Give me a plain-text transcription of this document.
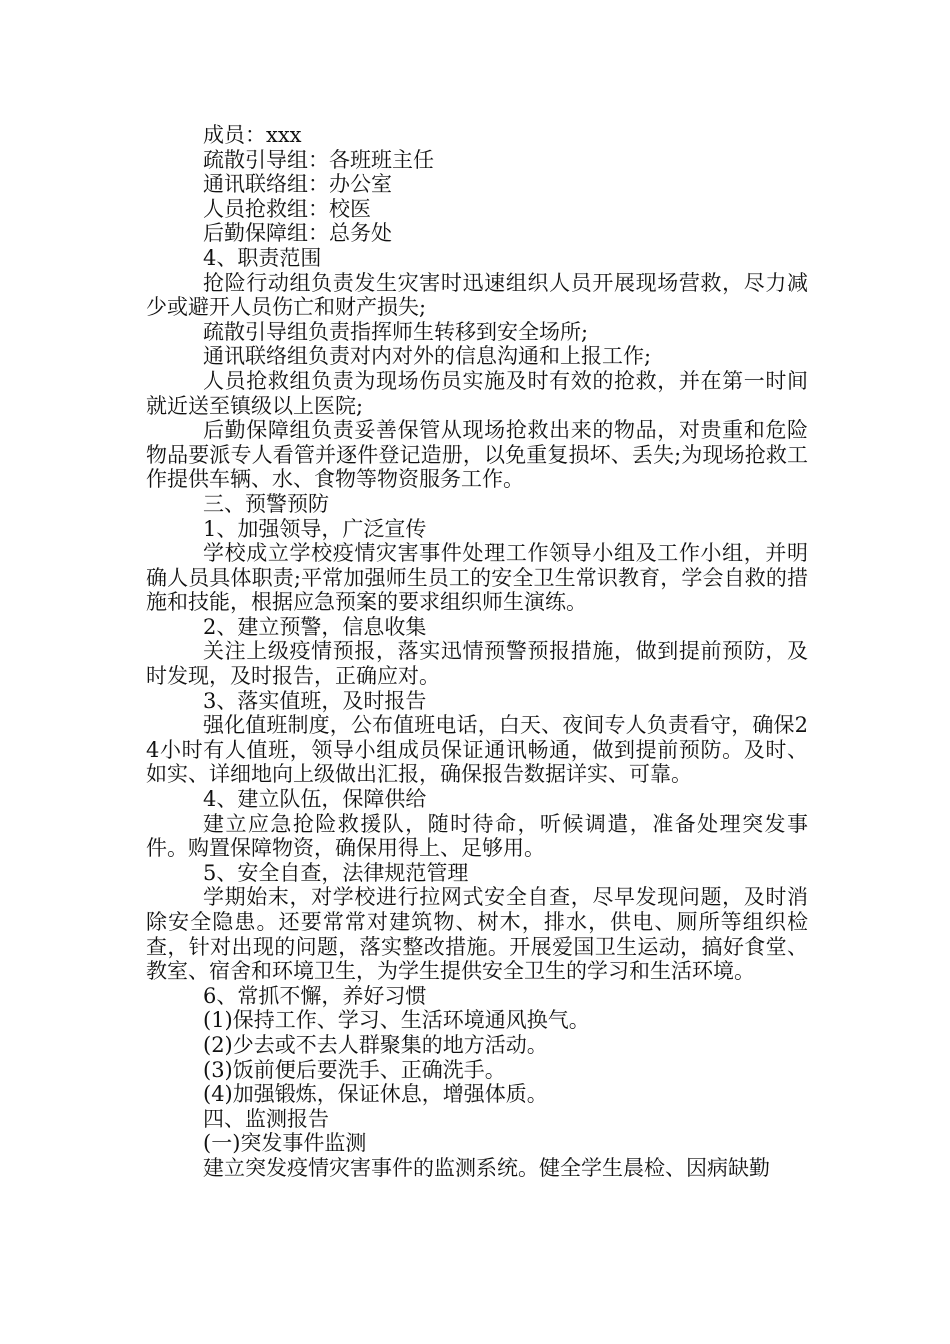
成员：xxx

疏散引导组：各班班主任

通讯联络组：办公室

人员抢救组：校医

后勤保障组：总务处

4、职责范围

抢险行动组负责发生灾害时迅速组织人员开展现场营救，尽力减少或避开人员伤亡和财产损失;

疏散引导组负责指挥师生转移到安全场所;

通讯联络组负责对内对外的信息沟通和上报工作;

人员抢救组负责为现场伤员实施及时有效的抢救，并在第一时间就近送至镇级以上医院;

后勤保障组负责妥善保管从现场抢救出来的物品，对贵重和危险物品要派专人看管并逐件登记造册，以免重复损坏、丢失;为现场抢救工作提供车辆、水、食物等物资服务工作。

三、预警预防

1、加强领导，广泛宣传

学校成立学校疫情灾害事件处理工作领导小组及工作小组，并明确人员具体职责;平常加强师生员工的安全卫生常识教育，学会自救的措施和技能，根据应急预案的要求组织师生演练。

2、建立预警，信息收集

关注上级疫情预报，落实迅情预警预报措施，做到提前预防，及时发现，及时报告，正确应对。

3、落实值班，及时报告

强化值班制度，公布值班电话，白天、夜间专人负责看守，确保24小时有人值班，领导小组成员保证通讯畅通，做到提前预防。及时、如实、详细地向上级做出汇报，确保报告数据详实、可靠。

4、建立队伍，保障供给

建立应急抢险救援队，随时待命，听候调遣，准备处理突发事件。购置保障物资，确保用得上、足够用。

5、安全自查，法律规范管理

学期始末，对学校进行拉网式安全自查，尽早发现问题，及时消除安全隐患。还要常常对建筑物、树木，排水，供电、厕所等组织检查，针对出现的问题，落实整改措施。开展爱国卫生运动，搞好食堂、教室、宿舍和环境卫生，为学生提供安全卫生的学习和生活环境。

6、常抓不懈，养好习惯

(1)保持工作、学习、生活环境通风换气。

(2)少去或不去人群聚集的地方活动。

(3)饭前便后要洗手、正确洗手。

(4)加强锻炼，保证休息，增强体质。

四、监测报告

(一)突发事件监测

建立突发疫情灾害事件的监测系统。健全学生晨检、因病缺勤
